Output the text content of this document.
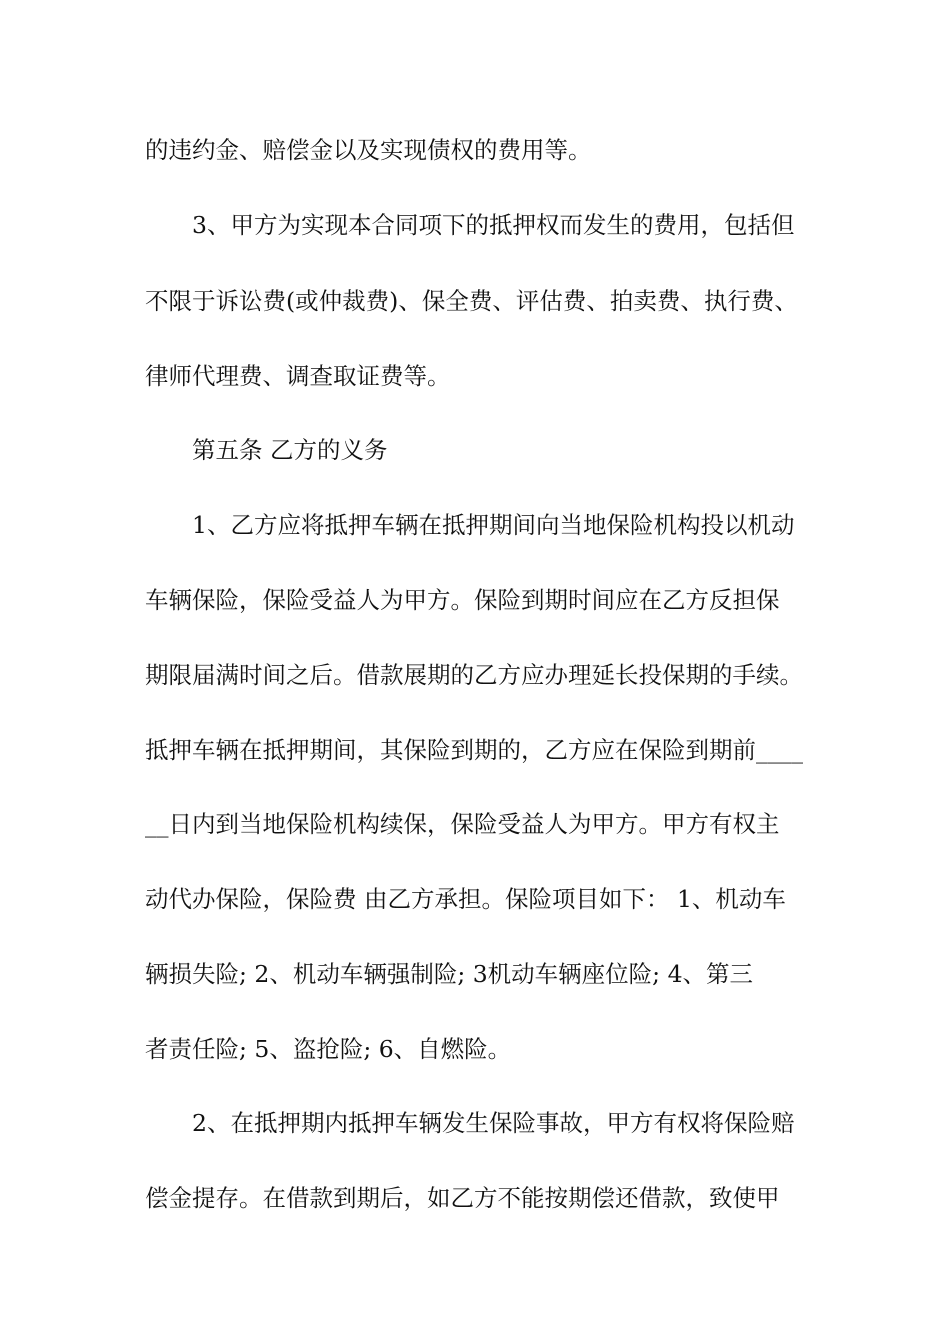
的违约金、赔偿金以及实现债权的费用等。
3、甲方为实现本合同项下的抵押权而发生的费用，包括但
不限于诉讼费(或仲裁费)、保全费、评估费、拍卖费、执行费、
律师代理费、调查取证费等。
第五条 乙方的义务
1、乙方应将抵押车辆在抵押期间向当地保险机构投以机动
车辆保险，保险受益人为甲方。保险到期时间应在乙方反担保
期限届满时间之后。借款展期的乙方应办理延长投保期的手续。
抵押车辆在抵押期间，其保险到期的，乙方应在保险到期前____
__日内到当地保险机构续保，保险受益人为甲方。甲方有权主
动代办保险，保险费 由乙方承担。保险项目如下： 1、机动车
辆损失险; 2、机动车辆强制险; 3机动车辆座位险; 4、第三
者责任险; 5、盗抢险; 6、自燃险。
2、在抵押期内抵押车辆发生保险事故，甲方有权将保险赔
偿金提存。在借款到期后，如乙方不能按期偿还借款，致使甲
